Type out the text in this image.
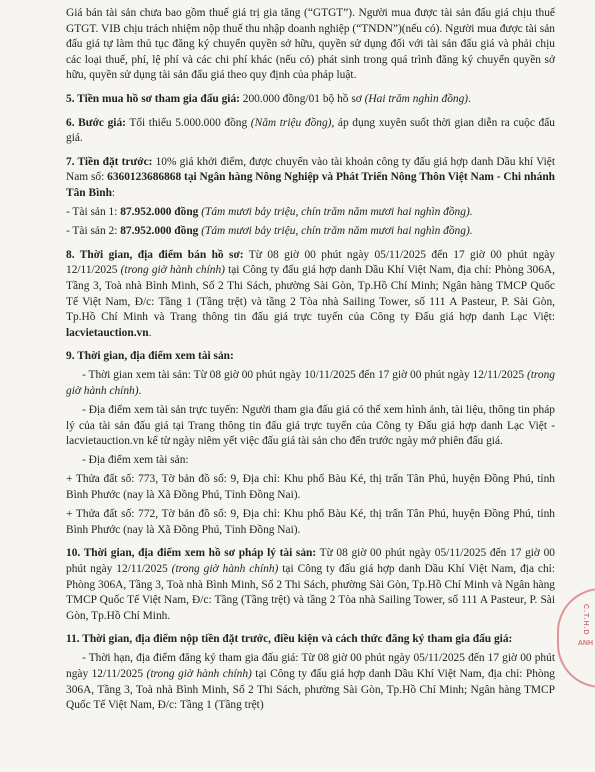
Giá bán tài sản chưa bao gồm thuế giá trị gia tăng (“GTGT”). Người mua được tài sản đấu giá chịu thuế GTGT. VIB chịu trách nhiệm nộp thuế thu nhập doanh nghiệp (“TNDN”)(nếu có). Người mua được tài sản đấu giá tự làm thủ tục đăng ký chuyển quyền sở hữu, quyền sử dụng đối với tài sản đấu giá và phải chịu các loại thuế, phí, lệ phí và các chi phí khác (nếu có) phát sinh trong quá trình đăng ký chuyển quyền sở hữu, quyền sử dụng tài sản đấu giá theo quy định của pháp luật.

5. Tiền mua hồ sơ tham gia đấu giá: 200.000 đồng/01 bộ hồ sơ (Hai trăm nghìn đồng).

6. Bước giá: Tối thiểu 5.000.000 đồng (Năm triệu đồng), áp dụng xuyên suốt thời gian diễn ra cuộc đấu giá.

7. Tiền đặt trước: 10% giá khởi điểm, được chuyển vào tài khoản công ty đấu giá hợp danh Dầu khí Việt Nam số: 6360123686868 tại Ngân hàng Nông Nghiệp và Phát Triển Nông Thôn Việt Nam - Chi nhánh Tân Bình:

- Tài sản 1: 87.952.000 đồng (Tám mươi bảy triệu, chín trăm năm mươi hai nghìn đồng).

- Tài sản 2: 87.952.000 đồng (Tám mươi bảy triệu, chín trăm năm mươi hai nghìn đồng).

8. Thời gian, địa điểm bán hồ sơ: Từ 08 giờ 00 phút ngày 05/11/2025 đến 17 giờ 00 phút ngày 12/11/2025 (trong giờ hành chính) tại Công ty đấu giá hợp danh Dầu Khí Việt Nam, địa chỉ: Phòng 306A, Tầng 3, Toà nhà Bình Minh, Số 2 Thi Sách, phường Sài Gòn, Tp.Hồ Chí Minh; Ngân hàng TMCP Quốc Tế Việt Nam, Đ/c: Tầng 1 (Tầng trệt) và tầng 2 Tòa nhà Sailing Tower, số 111 A Pasteur, P. Sài Gòn, Tp.Hồ Chí Minh và Trang thông tin đấu giá trực tuyến của Công ty Đấu giá hợp danh Lạc Việt: lacvietauction.vn.

9. Thời gian, địa điểm xem tài sản:

- Thời gian xem tài sản: Từ 08 giờ 00 phút ngày 10/11/2025 đến 17 giờ 00 phút ngày 12/11/2025 (trong giờ hành chính).

- Địa điểm xem tài sản trực tuyến: Người tham gia đấu giá có thể xem hình ảnh, tài liệu, thông tin pháp lý của tài sản đấu giá tại Trang thông tin đấu giá trực tuyến của Công ty Đấu giá hợp danh Lạc Việt - lacvietauction.vn kể từ ngày niêm yết việc đấu giá tài sản cho đến trước ngày mở phiên đấu giá.

- Địa điểm xem tài sản:

+ Thửa đất số: 773, Tờ bản đồ số: 9, Địa chỉ: Khu phố Bàu Ké, thị trấn Tân Phú, huyện Đồng Phú, tỉnh Bình Phước (nay là Xã Đồng Phú, Tỉnh Đồng Nai).

+ Thửa đất số: 772, Tờ bản đồ số: 9, Địa chỉ: Khu phố Bàu Ké, thị trấn Tân Phú, huyện Đồng Phú, tỉnh Bình Phước (nay là Xã Đồng Phú, Tỉnh Đồng Nai).

10. Thời gian, địa điểm xem hồ sơ pháp lý tài sản: Từ 08 giờ 00 phút ngày 05/11/2025 đến 17 giờ 00 phút ngày 12/11/2025 (trong giờ hành chính) tại Công ty đấu giá hợp danh Dầu Khí Việt Nam, địa chỉ: Phòng 306A, Tầng 3, Toà nhà Bình Minh, Số 2 Thi Sách, phường Sài Gòn, Tp.Hồ Chí Minh và Ngân hàng TMCP Quốc Tế Việt Nam, Đ/c: Tầng (Tầng trệt) và tầng 2 Tòa nhà Sailing Tower, số 111 A Pasteur, P. Sài Gòn, Tp.Hồ Chí Minh.

11. Thời gian, địa điểm nộp tiền đặt trước, điều kiện và cách thức đăng ký tham gia đấu giá:

- Thời hạn, địa điểm đăng ký tham gia đấu giá: Từ 08 giờ 00 phút ngày 05/11/2025 đến 17 giờ 00 phút ngày 12/11/2025 (trong giờ hành chính) tại Công ty đấu giá hợp danh Dầu Khí Việt Nam, địa chỉ: Phòng 306A, Tầng 3, Toà nhà Bình Minh, Số 2 Thi Sách, phường Sài Gòn, Tp.Hồ Chí Minh; Ngân hàng TMCP Quốc Tế Việt Nam, Đ/c: Tầng 1 (Tầng trệt)

C.T.H.D
ANH
